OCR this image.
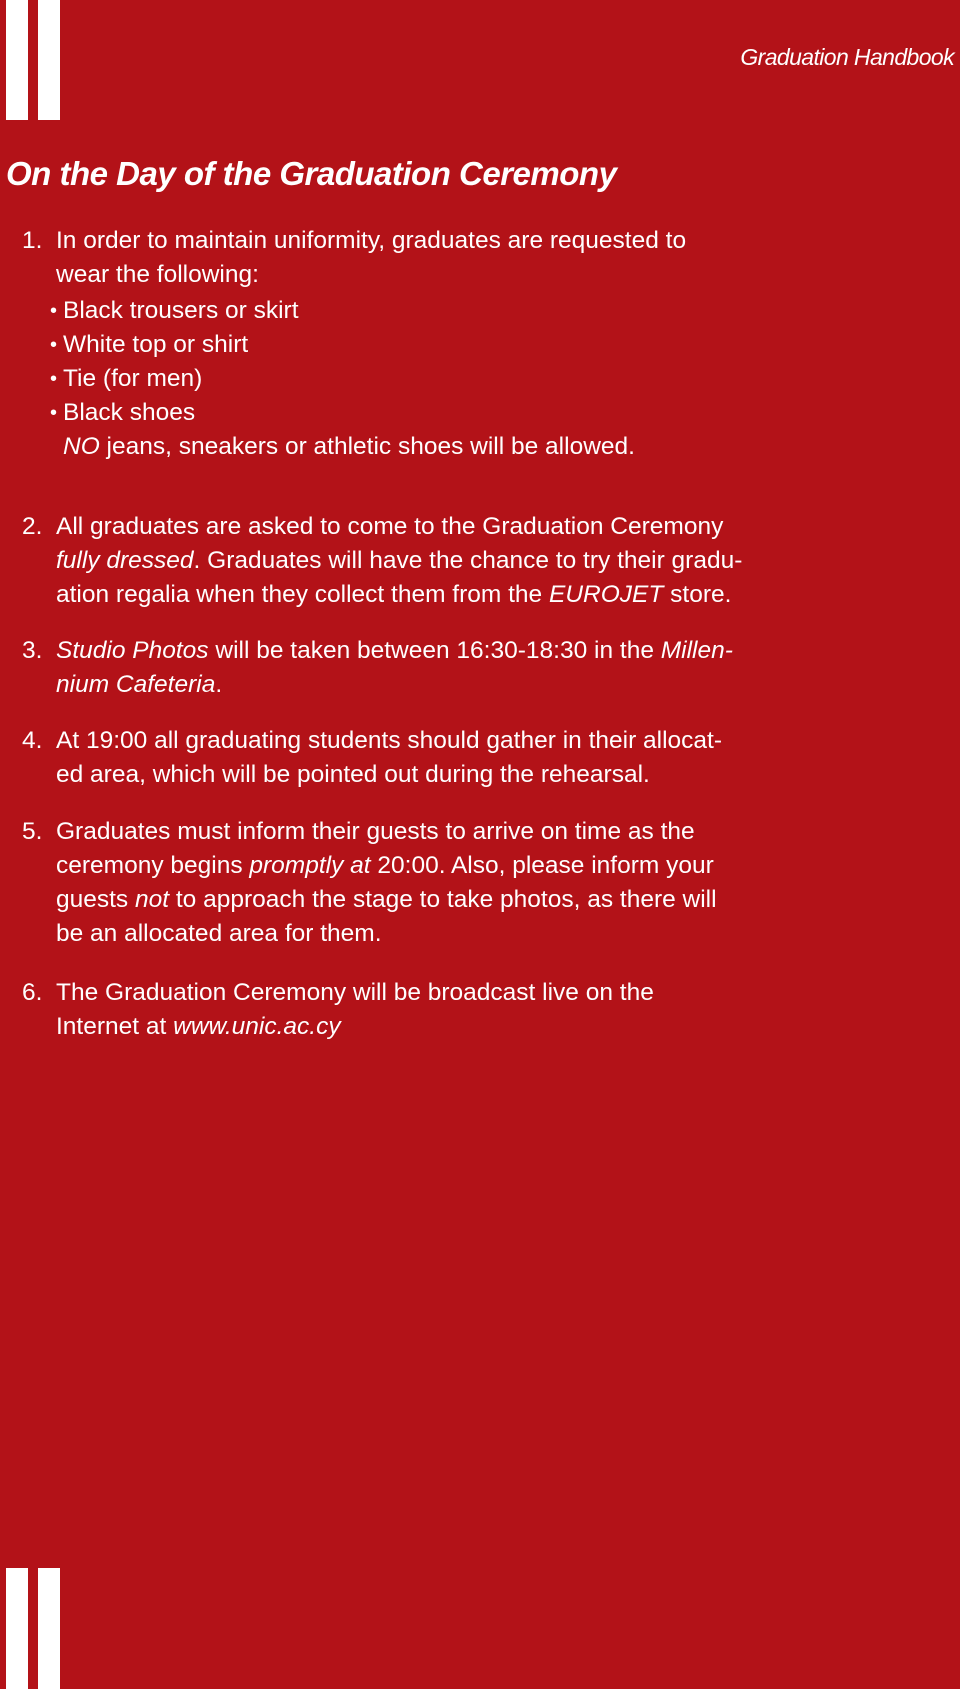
Graduation Handbook
On the Day of the Graduation Ceremony
1. In order to maintain uniformity, graduates are requested to
wear the following:
• Black trousers or skirt
• White top or shirt
• Tie (for men)
• Black shoes
NO jeans, sneakers or athletic shoes will be allowed.
2. All graduates are asked to come to the Graduation Ceremony
fully dressed. Graduates will have the chance to try their gradu-
ation regalia when they collect them from the EUROJET store.
3. Studio Photos will be taken between 16:30-18:30 in the Millen-
nium Cafeteria.
4. At 19:00 all graduating students should gather in their allocat-
ed area, which will be pointed out during the rehearsal.
5. Graduates must inform their guests to arrive on time as the
ceremony begins promptly at 20:00. Also, please inform your
guests not to approach the stage to take photos, as there will
be an allocated area for them.
6. The Graduation Ceremony will be broadcast live on the
Internet at www.unic.ac.cy
